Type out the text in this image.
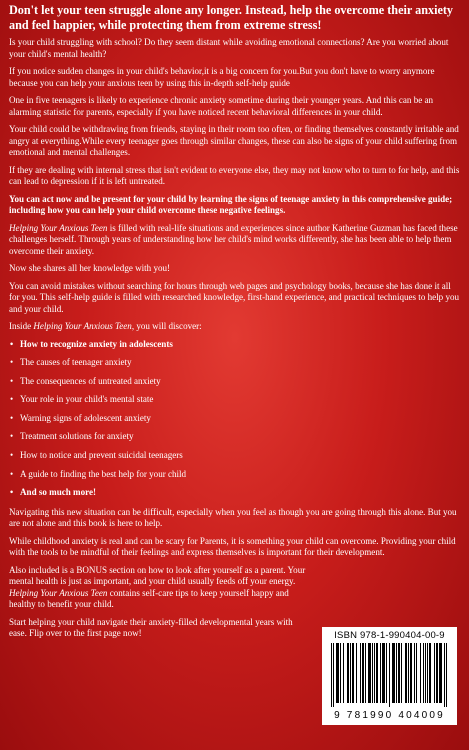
Don't let your teen struggle alone any longer. Instead, help the overcome their anxiety and feel happier, while protecting them from extreme stress!

Is your child struggling with school? Do they seem distant while avoiding emotional connections? Are you worried about your child's mental health?

If you notice sudden changes in your child's behavior,it is a big concern for you.But you don't have to worry anymore because you can help your anxious teen by using this in-depth self-help guide

One in five teenagers is likely to experience chronic anxiety sometime during their younger years. And this can be an alarming statistic for parents, especially if you have noticed recent behavioral differences in your child.

Your child could be withdrawing from friends, staying in their room too often, or finding themselves constantly irritable and angry at everything.While every teenager goes through similar changes, these can also be signs of your child suffering from emotional and mental challenges.

If they are dealing with internal stress that isn't evident to everyone else, they may not know who to turn to for help, and this can lead to depression if it is left untreated.

You can act now and be present for your child by learning the signs of teenage anxiety in this comprehensive guide; including how you can help your child overcome these negative feelings.

Helping Your Anxious Teen is filled with real-life situations and experiences since author Katherine Guzman has faced these challenges herself. Through years of understanding how her child's mind works differently, she has been able to help them overcome their anxiety.

Now she shares all her knowledge with you!

You can avoid mistakes without searching for hours through web pages and psychology books, because she has done it all for you. This self-help guide is filled with researched knowledge, first-hand experience, and practical techniques to help you and your child.

Inside Helping Your Anxious Teen, you will discover:

• How to recognize anxiety in adolescents
• The causes of teenager anxiety
• The consequences of untreated anxiety
• Your role in your child's mental state
• Warning signs of adolescent anxiety
• Treatment solutions for anxiety
• How to notice and prevent suicidal teenagers
• A guide to finding the best help for your child
• And so much more!

Navigating this new situation can be difficult, especially when you feel as though you are going through this alone. But you are not alone and this book is here to help.

While childhood anxiety is real and can be scary for Parents, it is something your child can overcome. Providing your child with the tools to be mindful of their feelings and express themselves is important for their development.

Also included is a BONUS section on how to look after yourself as a parent. Your mental health is just as important, and your child usually feeds off your energy. Helping Your Anxious Teen contains self-care tips to keep yourself happy and healthy to benefit your child.

Start helping your child navigate their anxiety-filled developmental years with ease. Flip over to the first page now!	ISBN 978-1-990404-00-9
9 781990 404009
